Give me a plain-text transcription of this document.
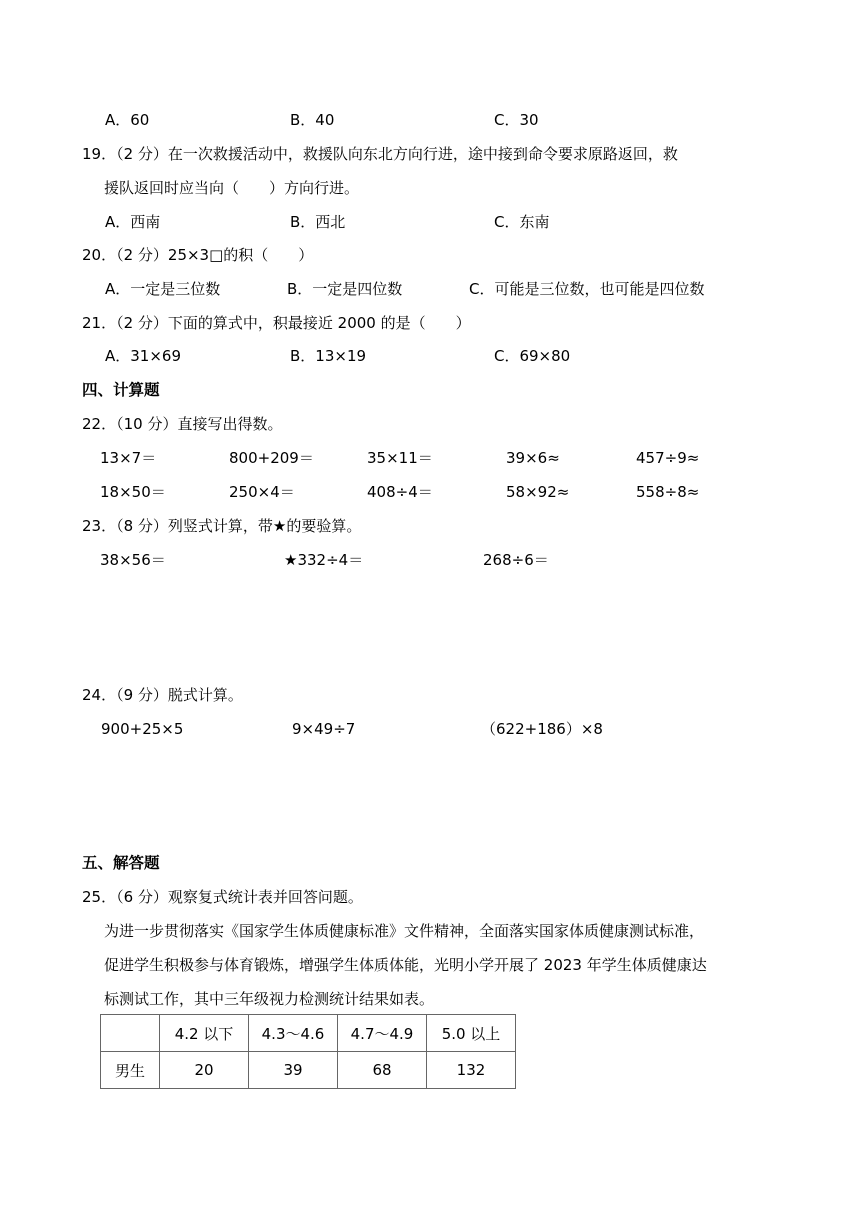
A．60	B．40	C．30
19．（2 分）在一次救援活动中，救援队向东北方向行进，途中接到命令要求原路返回，救
援队返回时应当向（　　）方向行进。
A．西南	B．西北	C．东南
20．（2 分）25×3□的积（　　）
A．一定是三位数	B．一定是四位数	C．可能是三位数，也可能是四位数
21．（2 分）下面的算式中，积最接近 2000 的是（　　）
A．31×69	B．13×19	C．69×80
四、计算题
22．（10 分）直接写出得数。
13×7＝	800+209＝	35×11＝	39×6≈	457÷9≈
18×50＝	250×4＝	408÷4＝	58×92≈	558÷8≈
23．（8 分）列竖式计算，带★的要验算。
38×56＝	★332÷4＝	268÷6＝
24．（9 分）脱式计算。
900+25×5	9×49÷7	（622+186）×8
五、解答题
25．（6 分）观察复式统计表并回答问题。
为进一步贯彻落实《国家学生体质健康标准》文件精神，全面落实国家体质健康测试标准，
促进学生积极参与体育锻炼，增强学生体质体能，光明小学开展了 2023 年学生体质健康达
标测试工作，其中三年级视力检测统计结果如表。
	4.2 以下	4.3～4.6	4.7～4.9	5.0 以上
男生	20	39	68	132
